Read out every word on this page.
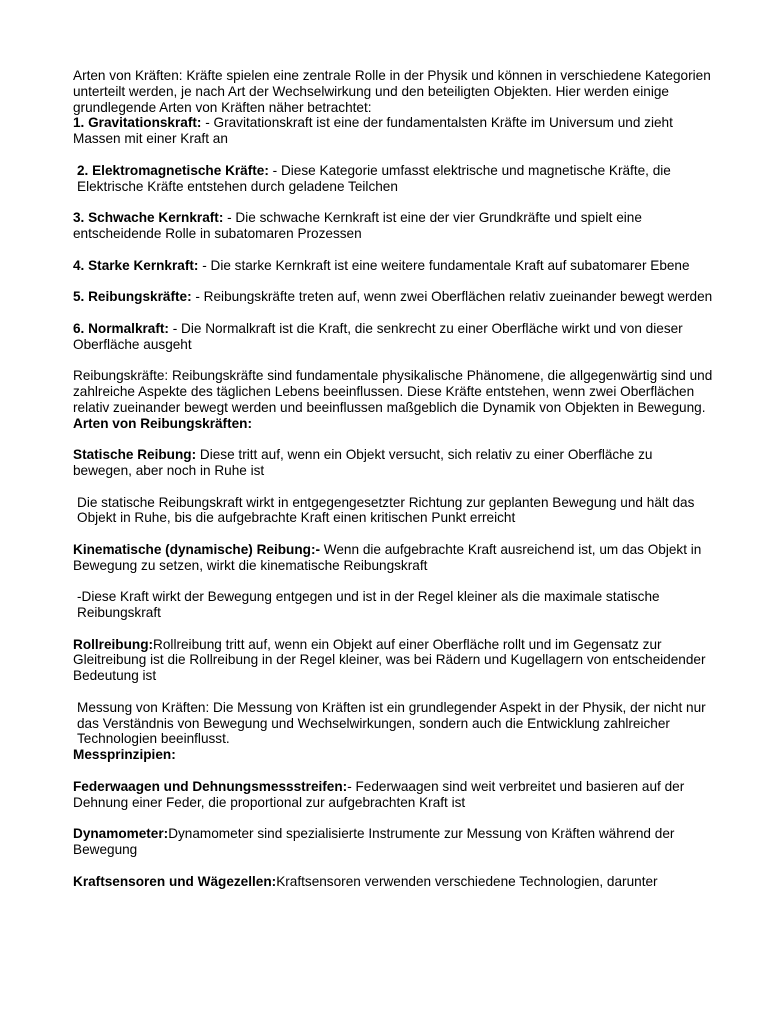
Arten von Kräften: Kräfte spielen eine zentrale Rolle in der Physik und können in verschiedene Kategorien unterteilt werden, je nach Art der Wechselwirkung und den beteiligten Objekten. Hier werden einige grundlegende Arten von Kräften näher betrachtet:

1. Gravitationskraft: - Gravitationskraft ist eine der fundamentalsten Kräfte im Universum und zieht Massen mit einer Kraft an

2. Elektromagnetische Kräfte: - Diese Kategorie umfasst elektrische und magnetische Kräfte, die Elektrische Kräfte entstehen durch geladene Teilchen

3. Schwache Kernkraft: - Die schwache Kernkraft ist eine der vier Grundkräfte und spielt eine entscheidende Rolle in subatomaren Prozessen

4. Starke Kernkraft: - Die starke Kernkraft ist eine weitere fundamentale Kraft auf subatomarer Ebene

5. Reibungskräfte: - Reibungskräfte treten auf, wenn zwei Oberflächen relativ zueinander bewegt werden

6. Normalkraft: - Die Normalkraft ist die Kraft, die senkrecht zu einer Oberfläche wirkt und von dieser Oberfläche ausgeht

Reibungskräfte: Reibungskräfte sind fundamentale physikalische Phänomene, die allgegenwärtig sind und zahlreiche Aspekte des täglichen Lebens beeinflussen. Diese Kräfte entstehen, wenn zwei Oberflächen relativ zueinander bewegt werden und beeinflussen maßgeblich die Dynamik von Objekten in Bewegung.

Arten von Reibungskräften:

Statische Reibung: Diese tritt auf, wenn ein Objekt versucht, sich relativ zu einer Oberfläche zu bewegen, aber noch in Ruhe ist

Die statische Reibungskraft wirkt in entgegengesetzter Richtung zur geplanten Bewegung und hält das Objekt in Ruhe, bis die aufgebrachte Kraft einen kritischen Punkt erreicht

Kinematische (dynamische) Reibung:- Wenn die aufgebrachte Kraft ausreichend ist, um das Objekt in Bewegung zu setzen, wirkt die kinematische Reibungskraft

-Diese Kraft wirkt der Bewegung entgegen und ist in der Regel kleiner als die maximale statische Reibungskraft

Rollreibung:Rollreibung tritt auf, wenn ein Objekt auf einer Oberfläche rollt und im Gegensatz zur Gleitreibung ist die Rollreibung in der Regel kleiner, was bei Rädern und Kugellagern von entscheidender Bedeutung ist

Messung von Kräften: Die Messung von Kräften ist ein grundlegender Aspekt in der Physik, der nicht nur das Verständnis von Bewegung und Wechselwirkungen, sondern auch die Entwicklung zahlreicher Technologien beeinflusst.

Messprinzipien:

Federwaagen und Dehnungsmessstreifen:- Federwaagen sind weit verbreitet und basieren auf der Dehnung einer Feder, die proportional zur aufgebrachten Kraft ist

Dynamometer:Dynamometer sind spezialisierte Instrumente zur Messung von Kräften während der Bewegung

Kraftsensoren und Wägezellen:Kraftsensoren verwenden verschiedene Technologien, darunter
